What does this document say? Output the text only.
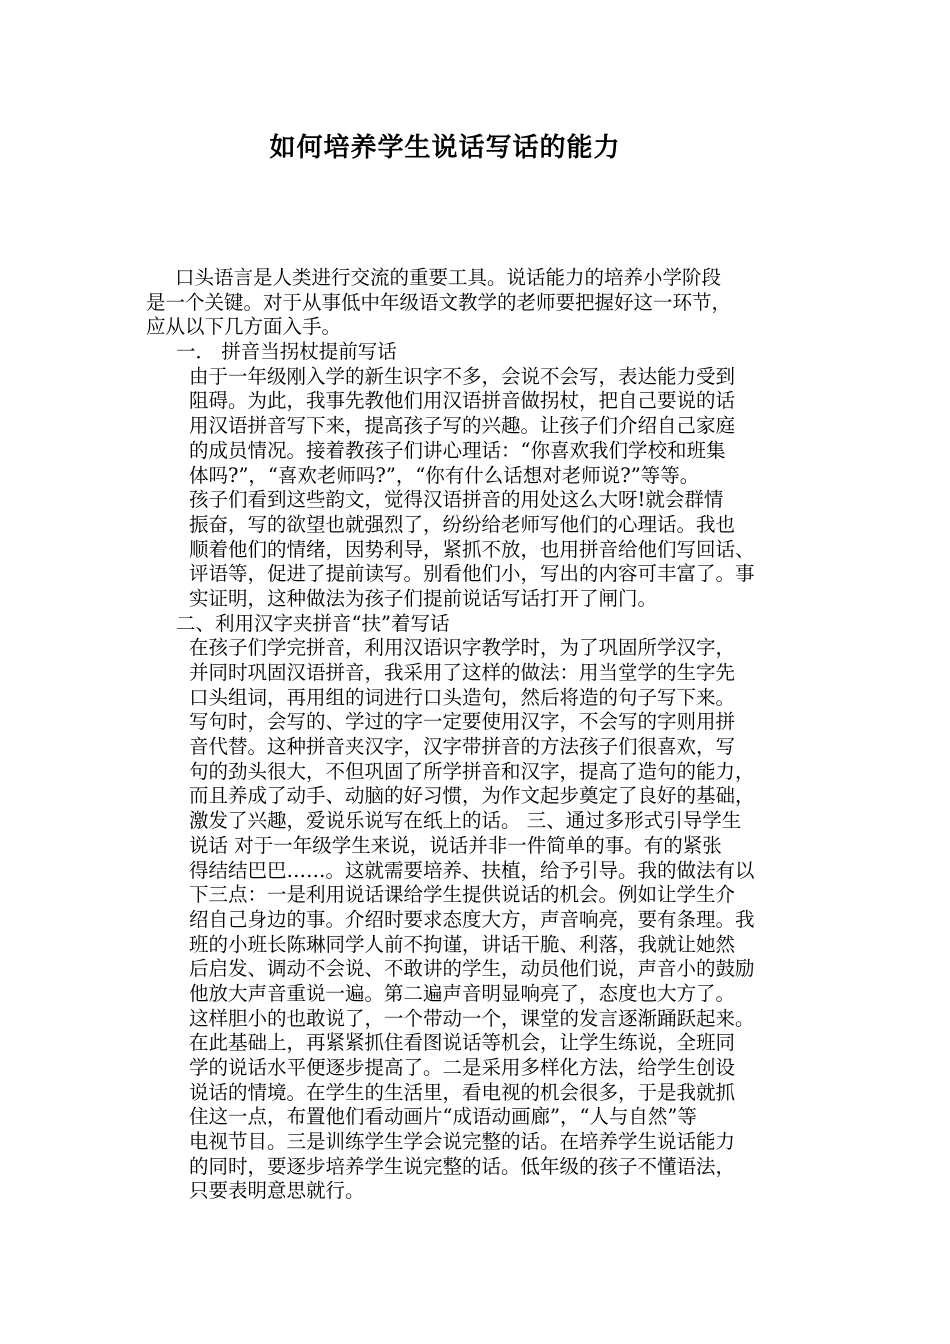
如何培养学生说话写话的能力
口头语言是人类进行交流的重要工具。说话能力的培养小学阶段
是一个关键。对于从事低中年级语文教学的老师要把握好这一环节，
应从以下几方面入手。
一． 拼音当拐杖提前写话
由于一年级刚入学的新生识字不多，会说不会写，表达能力受到
阻碍。为此，我事先教他们用汉语拼音做拐杖，把自己要说的话
用汉语拼音写下来，提高孩子写的兴趣。让孩子们介绍自己家庭
的成员情况。接着教孩子们讲心理话：“你喜欢我们学校和班集
体吗?”，“喜欢老师吗?”，“你有什么话想对老师说?”等等。
孩子们看到这些韵文，觉得汉语拼音的用处这么大呀!就会群情
振奋，写的欲望也就强烈了，纷纷给老师写他们的心理话。我也
顺着他们的情绪，因势利导，紧抓不放，也用拼音给他们写回话、
评语等，促进了提前读写。别看他们小，写出的内容可丰富了。事
实证明，这种做法为孩子们提前说话写话打开了闸门。
二、利用汉字夹拼音“扶”着写话
在孩子们学完拼音，利用汉语识字教学时，为了巩固所学汉字，
并同时巩固汉语拼音，我采用了这样的做法：用当堂学的生字先
口头组词，再用组的词进行口头造句，然后将造的句子写下来。
写句时，会写的、学过的字一定要使用汉字，不会写的字则用拼
音代替。这种拼音夹汉字，汉字带拼音的方法孩子们很喜欢，写
句的劲头很大，不但巩固了所学拼音和汉字，提高了造句的能力，
而且养成了动手、动脑的好习惯，为作文起步奠定了良好的基础，
激发了兴趣，爱说乐说写在纸上的话。 三、通过多形式引导学生
说话 对于一年级学生来说，说话并非一件简单的事。有的紧张
得结结巴巴……。这就需要培养、扶植，给予引导。我的做法有以
下三点：一是利用说话课给学生提供说话的机会。例如让学生介
绍自己身边的事。介绍时要求态度大方，声音响亮，要有条理。我
班的小班长陈琳同学人前不拘谨，讲话干脆、利落，我就让她然
后启发、调动不会说、不敢讲的学生，动员他们说，声音小的鼓励
他放大声音重说一遍。第二遍声音明显响亮了，态度也大方了。
这样胆小的也敢说了，一个带动一个，课堂的发言逐渐踊跃起来。
在此基础上，再紧紧抓住看图说话等机会，让学生练说，全班同
学的说话水平便逐步提高了。二是采用多样化方法，给学生创设
说话的情境。在学生的生活里，看电视的机会很多，于是我就抓
住这一点，布置他们看动画片“成语动画廊”，“人与自然”等
电视节目。三是训练学生学会说完整的话。在培养学生说话能力
的同时，要逐步培养学生说完整的话。低年级的孩子不懂语法，
只要表明意思就行。
